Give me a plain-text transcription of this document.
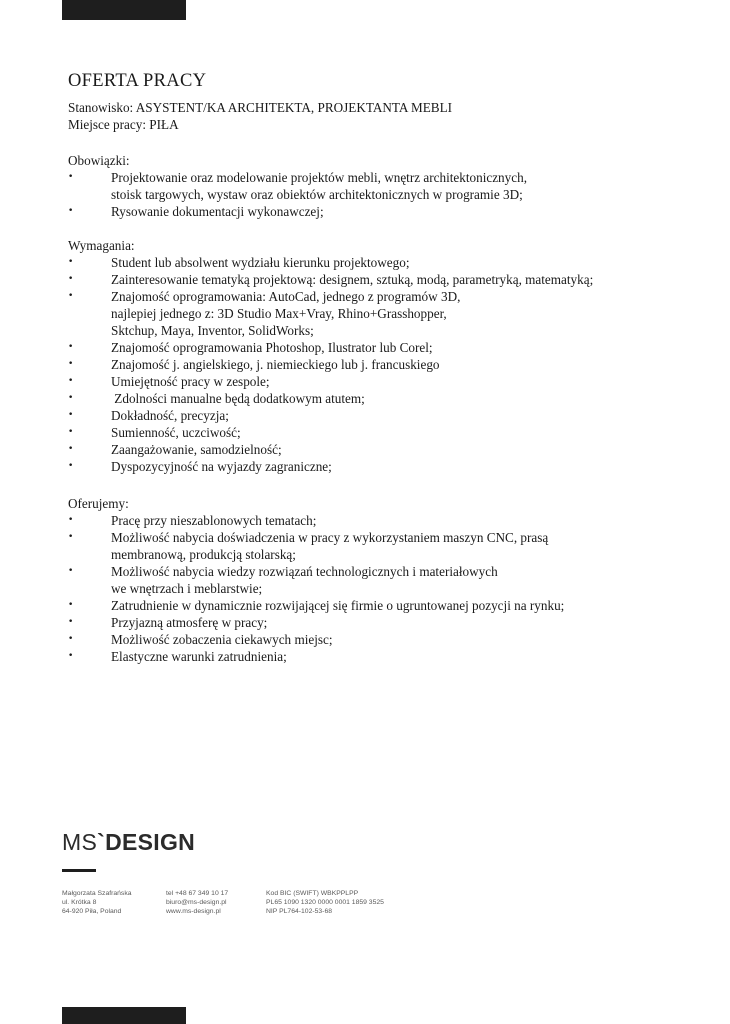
OFERTA PRACY
Stanowisko: ASYSTENT/KA ARCHITEKTA, PROJEKTANTA MEBLI
Miejsce pracy: PIŁA
Obowiązki:
•	Projektowanie oraz modelowanie projektów mebli, wnętrz architektonicznych,
stoisk targowych, wystaw oraz obiektów architektonicznych w programie 3D;
•	Rysowanie dokumentacji wykonawczej;
Wymagania:
•	Student lub absolwent wydziału kierunku projektowego;
•	Zainteresowanie tematyką projektową: designem, sztuką, modą, parametryką, matematyką;
•	Znajomość oprogramowania: AutoCad, jednego z programów 3D,
najlepiej jednego z: 3D Studio Max+Vray, Rhino+Grasshopper,
Sktchup, Maya, Inventor, SolidWorks;
•	Znajomość oprogramowania Photoshop, Ilustrator lub Corel;
•	Znajomość j. angielskiego, j. niemieckiego lub j. francuskiego
•	Umiejętność pracy w zespole;
•	Zdolności manualne będą dodatkowym atutem;
•	Dokładność, precyzja;
•	Sumienność, uczciwość;
•	Zaangażowanie, samodzielność;
•	Dyspozycyjność na wyjazdy zagraniczne;
Oferujemy:
•	Pracę przy nieszablonowych tematach;
•	Możliwość nabycia doświadczenia w pracy z wykorzystaniem maszyn CNC, prasą
membranową, produkcją stolarską;
•	Możliwość nabycia wiedzy rozwiązań technologicznych i materiałowych
we wnętrzach i meblarstwie;
•	Zatrudnienie w dynamicznie rozwijającej się firmie o ugruntowanej pozycji na rynku;
•	Przyjazną atmosferę w pracy;
•	Możliwość zobaczenia ciekawych miejsc;
•	Elastyczne warunki zatrudnienia;
MS`DESIGN
Małgorzata Szafrańska
ul. Krótka 8
64-920 Piła, Poland
tel +48 67 349 10 17
biuro@ms-design.pl
www.ms-design.pl
Kod BIC (SWIFT) WBKPPLPP
PL65 1090 1320 0000 0001 1859 3525
NIP PL764-102-53-68
